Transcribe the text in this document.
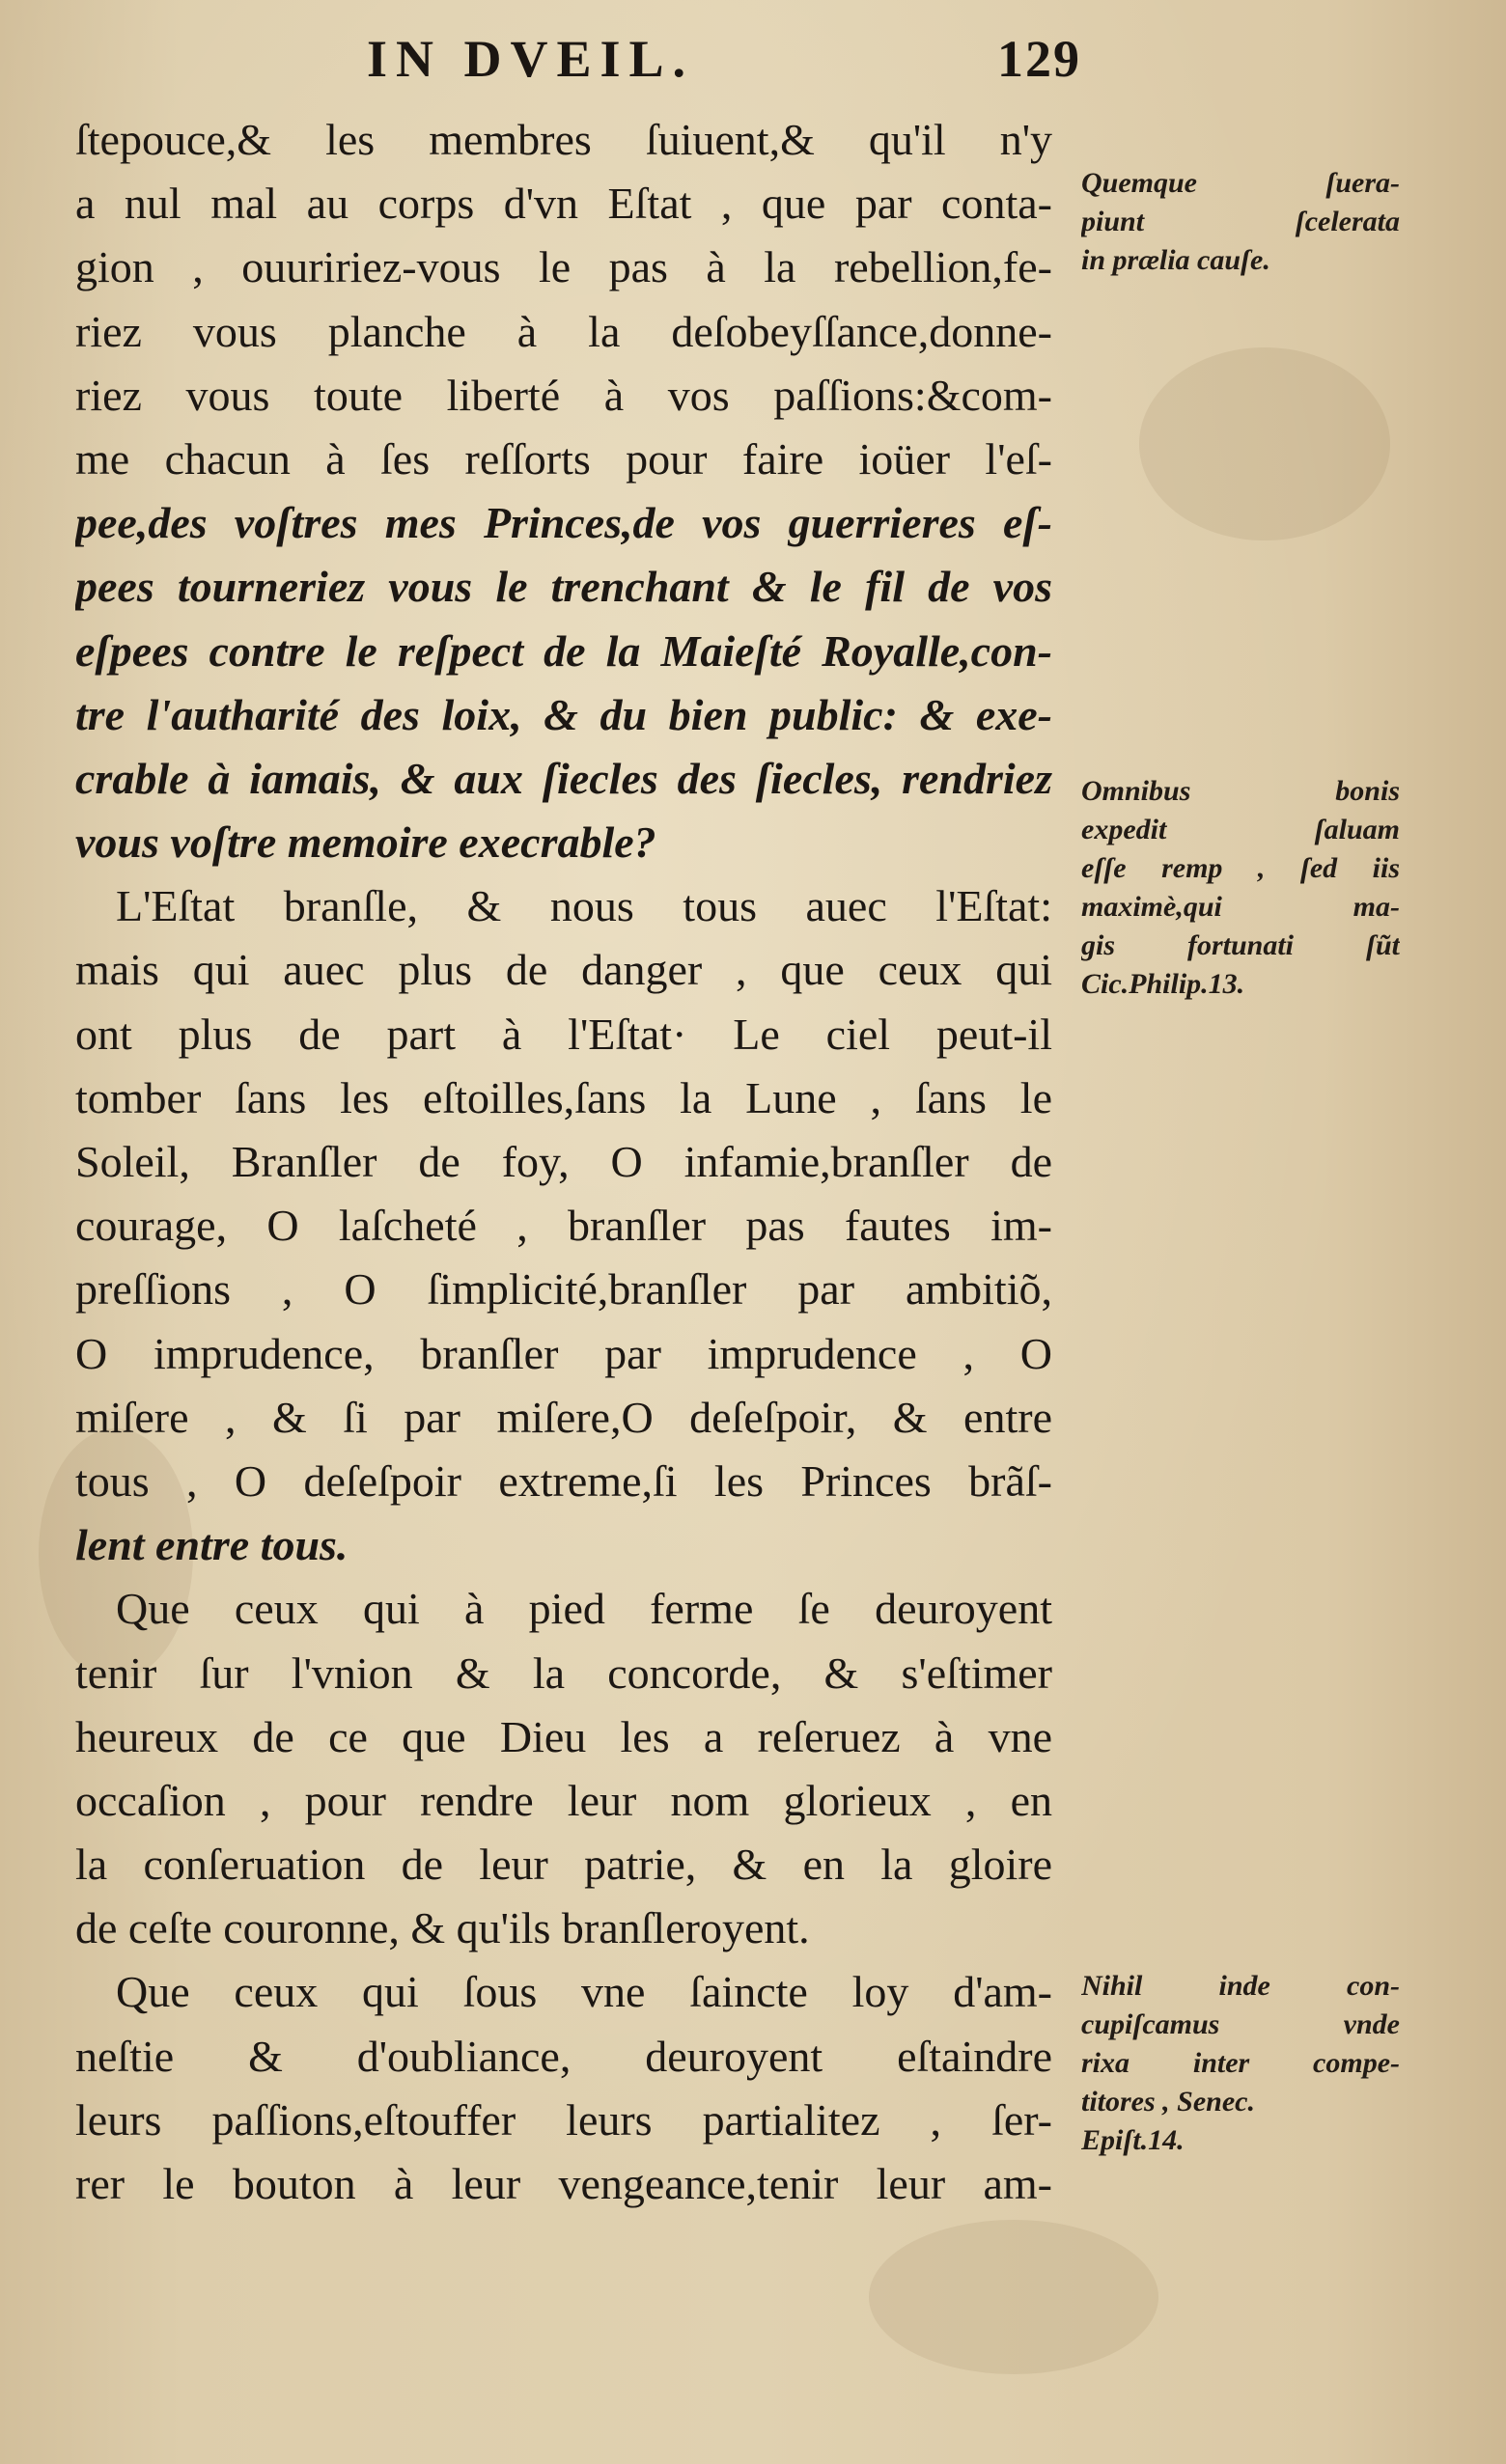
IN DVEIL.	129
ſtepouce,& les membres ſuiuent,& qu'il n'y
a nul mal au corps d'vn Eſtat , que par conta-
gion , ouuririez-vous le pas à la rebellion,fe-
riez vous planche à la deſobeyſſance,donne-
riez vous toute liberté à vos paſſions:&com-
me chacun à ſes reſſorts pour faire ioüer l'eſ-
pee,des voſtres mes Princes,de vos guerrieres eſ-
pees tourneriez vous le trenchant & le fil de vos
eſpees contre le reſpect de la Maieſté Royalle,con-
tre l'autharité des loix, & du bien public: & exe-
crable à iamais, & aux ſiecles des ſiecles, rendriez
vous voſtre memoire execrable?
L'Eſtat branſle, & nous tous auec l'Eſtat:
mais qui auec plus de danger , que ceux qui
ont plus de part à l'Eſtat· Le ciel peut-il
tomber ſans les eſtoilles,ſans la Lune , ſans le
Soleil, Branſler de foy, O infamie,branſler de
courage, O laſcheté , branſler pas fautes im-
preſſions , O ſimplicité,branſler par ambitiõ,
O imprudence, branſler par imprudence , O
miſere , & ſi par miſere,O deſeſpoir, & entre
tous , O deſeſpoir extreme,ſi les Princes brãſ-
lent entre tous.
Que ceux qui à pied ferme ſe deuroyent
tenir ſur l'vnion & la concorde, & s'eſtimer
heureux de ce que Dieu les a reſeruez à vne
occaſion , pour rendre leur nom glorieux , en
la conſeruation de leur patrie, & en la gloire
de ceſte couronne, & qu'ils branſleroyent.
Que ceux qui ſous vne ſaincte loy d'am-
neſtie & d'oubliance, deuroyent eſtaindre
leurs paſſions,eſtouffer leurs partialitez , ſer-
rer le bouton à leur vengeance,tenir leur am-
Quemque ſuera-
piunt ſcelerata
in prælia cauſe.
Omnibus bonis
expedit ſaluam
eſſe remp , ſed iis
maximè,qui ma-
gis fortunati ſũt
Cic.Philip.13.
Nihil inde con-
cupiſcamus vnde
rixa inter compe-
titores , Senec.
Epiſt.14.
